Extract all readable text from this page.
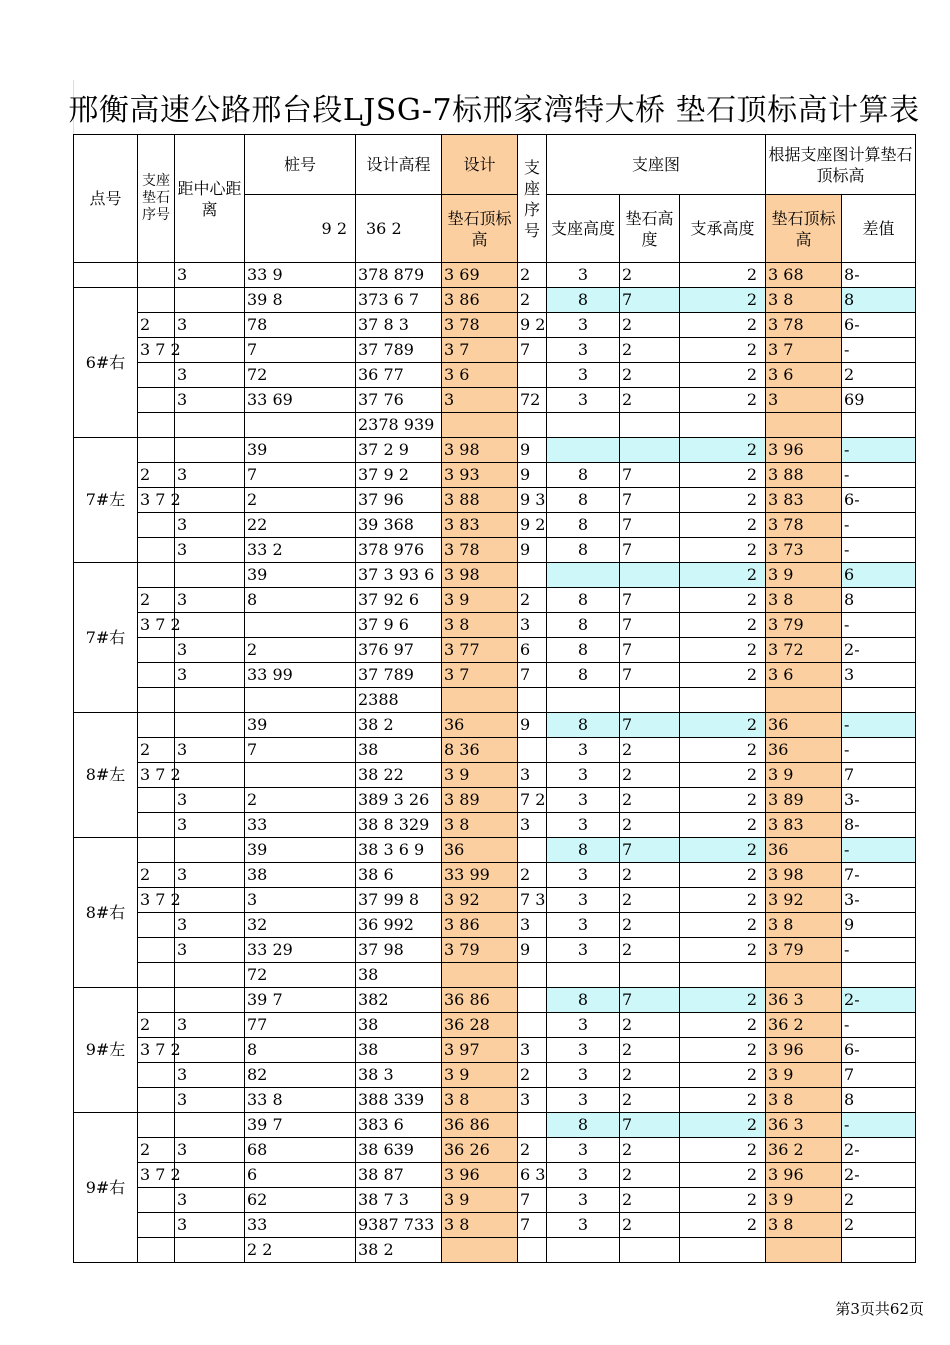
邢衡高速公路邢台段LJSG-7标邢家湾特大桥 垫石顶标高计算表
点号	支座垫石序号	距中心距离	桩号	设计高程	设计	支座序号	支座图			根据支座图计算垫石顶标高	
			9 2	36 2	垫石顶标高		支座高度	垫石高度	支承高度	垫石顶标高	差值
		3	33 9	378 879	3 69	2	3	2	2	3 68	8-
6#右			39 8	373 6 7	3 86	2	8	7	2	3 8	8
	2	3	78	37 8 3	3 78	9 2	3	2	2	3 78	6-
	3 7 2		7	37 789	3 7	7	3	2	2	3 7	-
		3	72	36 77	3 6		3	2	2	3 6	2
		3	33 69	37 76	3	72	3	2	2	3	69
				2378 939							
7#左			39	37 2 9	3 98	9			2	3 96	-
	2	3	7	37 9 2	3 93	9	8	7	2	3 88	-
	3 7 2		2	37 96	3 88	9 3	8	7	2	3 83	6-
		3	22	39 368	3 83	9 2	8	7	2	3 78	-
		3	33 2	378 976	3 78	9	8	7	2	3 73	-
7#右			39	37 3 93 6	3 98				2	3 9	6
	2	3	8	37 92 6	3 9	2	8	7	2	3 8	8
	3 7 2			37 9 6	3 8	3	8	7	2	3 79	-
		3	2	376 97	3 77	6	8	7	2	3 72	2-
		3	33 99	37 789	3 7	7	8	7	2	3 6	3
				2388							
8#左			39	38 2	36	9	8	7	2	36	-
	2	3	7	38	8 36		3	2	2	36	-
	3 7 2			38 22	3 9	3	3	2	2	3 9	7
		3	2	389 3 26	3 89	7 2	3	2	2	3 89	3-
		3	33	38 8 329	3 8	3	3	2	2	3 83	8-
8#右			39	38 3 6 9	36		8	7	2	36	-
	2	3	38	38 6	33 99	2	3	2	2	3 98	7-
	3 7 2		3	37 99 8	3 92	7 3	3	2	2	3 92	3-
		3	32	36 992	3 86	3	3	2	2	3 8	9
		3	33 29	37 98	3 79	9	3	2	2	3 79	-
			72	38							
9#左			39 7	382	36 86		8	7	2	36 3	2-
	2	3	77	38	36 28		3	2	2	36 2	-
	3 7 2		8	38	3 97	3	3	2	2	3 96	6-
		3	82	38 3	3 9	2	3	2	2	3 9	7
		3	33 8	388 339	3 8	3	3	2	2	3 8	8
9#右			39 7	383 6	36 86		8	7	2	36 3	-
	2	3	68	38 639	36 26	2	3	2	2	36 2	2-
	3 7 2		6	38 87	3 96	6 3	3	2	2	3 96	2-
		3	62	38 7 3	3 9	7	3	2	2	3 9	2
		3	33	9387 733	3 8	7	3	2	2	3 8	2
			2 2	38 2							
第3页共62页
